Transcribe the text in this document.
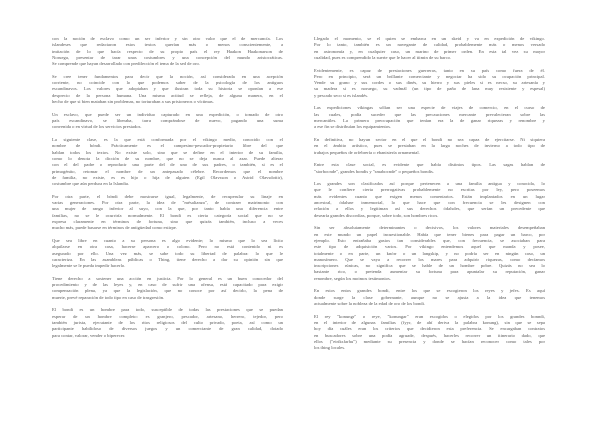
con la noción de esclavo como un ser inferior y sin otro valor que el de mercancía. Los
islandeses que redactaron estos textos querían más o menos conscientemente, a
imitación de lo que hacía respecto de su propio país el rey Haakon Haakonarson de
Noruega, presentar de tarar unas costumbres y una concepción del mundo aristocráticas.
Se comprende que hayan desarrollado con predilección el tema de la sed de oro.
Se cree tener fundamentos para decir que la noción, así considerada en una acepción
corriente, no coincide con lo que podemos saber de la psicología de los antiguos
escandinavos. Los valores que adoptaban y que ilustran toda su historia se oponían a ese
desprecio de la persona humana. Una misma actitud se refleja, de alguna manera, en el
hecho de que si bien mataban sin problemas, no torturaban a sus prisioneros o víctimas.
Un esclavo, que puede ser un individuo capturado en una expedición, o tomado de otro
país escandinavo, se liberaba, tarra comprándose de nuevo, pagando una suma
convenida o en virtud de los servicios prestados.
La siguiente clase, es la que está conformada por el vikingo medio, conocido con el
nombre de bóndi. Prácticamente es el campesino-pescador-propietario libre del que
hablan todos los textos. No existe solo, sino que se define en el interior de su familia,
como lo denota la dicción de su nombre, que no se deja nunca al azar. Puede alterar
con el del padre o reproducir una parte del de uno de sus padres, o también, si es el
primogénito, retomar el nombre de un antepasado célebre. Recordemos que el nombre
de familia, no existe, es es hijo o hija de alguien (Egil Olavsson o Astrid Olavsdottir),
costumbre que aún perdura en la Islandia.
Por otra parte, el bóndi debe mostrarse igual, legalmente, de recuperular su linaje en
varias generaciones. Por otra parte, la idea de "mésalianza", de contraer matrimonio con
una mujer de rango inferior al suyo, con la que, por tanto había una diferencia entre
familias, no se le ocurriría normalmente. El bondi es cierta categoría social que no se
expresa claramente en términos de fortuna, sino que quizás también, incluso a veces
mucho más, puede basarse en términos de antigüedad como estirpe.
Que sea libre en cuanto a su persona es algo evidente; lo mismo que lo sea lícito
alquilarse en otra casa, hacerse aparcero o colono. Pero no está contenido ni es
asegurado por ello. Una vez más, se sabe todo su libertad de palabra: lo que le
caracteriza. En las asambleas públicas o Thing, tiene derecho a dar su opinión sin que
legalmente se le pueda impedir hacerlo.
Tiene derecho a sostener una acción en justicia. Por lo general es un buen conocedor del
procedimiento y de las leyes y, en caso de sufrir una ofensa, está capacitado para exigir
compensación plena, ya que la legislación, que no conoce por así decirlo, la pena de
muerte, prevé reparación de todo tipo en caso de trasgresión.
El bondi es un hombre para todo, susceptible de todas las prestaciones que se puedan
esperar de un hombre completo: es granjero, pescador, artesano, herrero, tejedor, pero
también jurista, ejecutante de los ritos religiosos del culto privado, poeta, así como un
participante habilidoso de diversos juegos y un comerciante de gran calidad, dotado
para contar, valorar, vender o biperecer.
Llegado el momento, se el quien se embarca en un skeid y va en expedición de vikingo.
Por lo tanto, también es un navegante de calidad, probablemente más o menos versado
en astronomía y, en cualquier caso, un marino de primer orden. En esta tal vez su mayor
cualidad, pues es comprendido la suerte que le hacer al tiimin de su barco.
Evidentemente, es capaz de prestaciones guerreras, tanto en su país como fuera de él.
Pero en principio, será un brillante comerciante y negociar ha sido su ocupación principal.
Vende su grano y sus cordes o sus dinés, su hierro y sus pieles si es necso, su artesanía y
su madera si es noruego, su vadmál (un tipo de paño de lana muy resistente y espesal)
y pescado seco si es islandés.
Las expediciones vikingas sólían ser una especie de viajes de comercio, en el curso de
las cuales, podía suceder que las precauciones mercante prevalecieran sobre las
mercantiles. La primera preocupación que tenían era la de ganar riquezas y renombre y
a ese fin se distribuían los equipamientos.
En definitiva, no hayun sector en el que el bondi no sea capaz de ejercitarse. Ni siquiera
en el ámbito artístico, pues se prestaban en la larga noches de invierno a todo tipo de
trabajos pequeños de orfebrería o ebanistería ornamental.
Entre esta clase social, es evidente que había distintos tipos. Las sagas hablan de
"storbocnde", grandes bondis y "smabocnde" o pequeños bondis.
Los grandes son clasificados así porque pertenecen a una familia antigua y conocida, lo
que le confiere cierta prerrogativas probablemente no escritas por ley, pero poseemos
más evidentes cuanto que exigen menos comentarios. Están implantados en un lugar
ancestral, ódalsne inmemorial, lo que hace que con frecuencia se les designen con
relación a ellos y legitiman así sus derechos ódalsdes, que serían un precedente que
desearía grandes discordias, porque, sobre todo, son hombres ricos.
Sin ser absolutamente determinantes o decisivos, los valores materiales desempeñaban
en este mundo un papel incuestionable. Había que tener bienes para pagar un barco, por
ejemplo. Esto entrañaba gastos tan considerables que, con frecuencia, se asociaban para
este tipo de adquisición varios. Por vikingo entendemos aquel que manda y posee,
totalmente o en parte, un knórr o un langskip, y no podría ser en ningún caso, un
manosímero. Que se vaya a recorrer los mares para adquirir riquezas, como decíamos
inscripciones rúnicas, no significa que se hable de un hombre pobre. Quizás no sea lo
bastante rico, o pretenda aumentar su fortuna para apuntalar su reputación, ganar
renombre, según los moimos testimonios.
En estos entos grandes bondi, entre los que se escogieron los reyes y jefes. Es aquí
donde surge la clase gobernante, aunque no se ajusta a la idea que tenemos
actualmente sobre la nobleza de la edad de oro de los bondi.
El rey "konungr" o reye, "konungar" eran escogidos o elegidos por los grandes bonndi,
en el interior de algunas familias (fyyr, de ahí deriva la palabra konung), sin que se sepa
hoy día cuáles eran los criterios que decidieron esta preferencia. Se encargaban contratos
en buscadores sobre una podía agruade, después, hacerles recorrer un itinerario dado, que
ellos ("eiriksfarhu") mediante su presencia y donde se hacían reconocer como tales por
los thing locales.
